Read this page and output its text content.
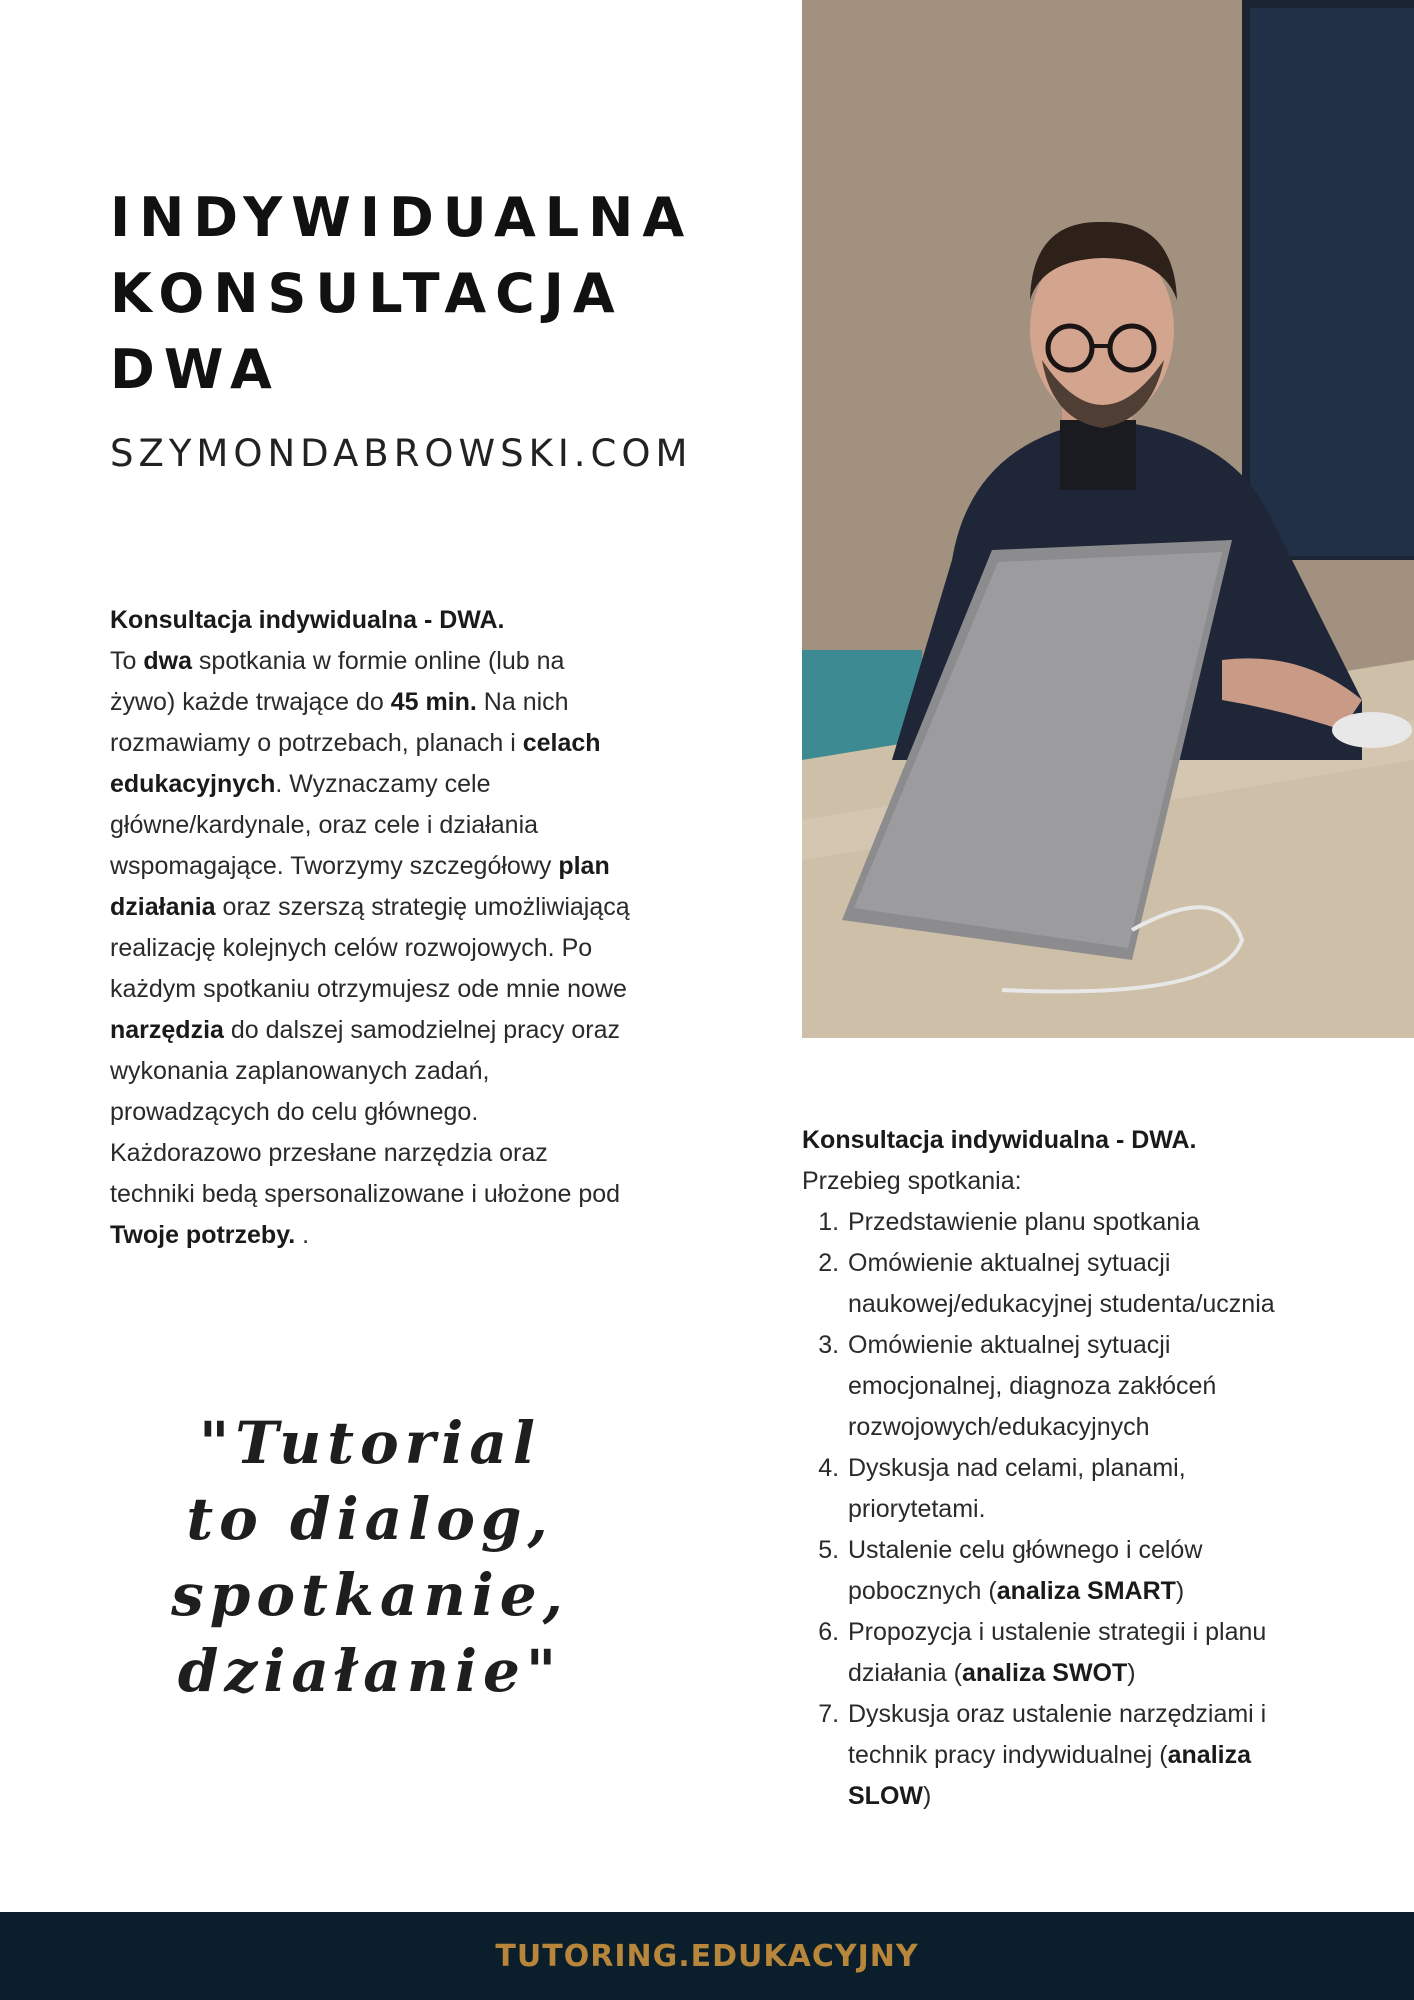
INDYWIDUALNA
KONSULTACJA
DWA
SZYMONDABROWSKI.COM
Konsultacja indywidualna - DWA.
To dwa spotkania w formie online (lub na żywo) każde trwające do 45 min. Na nich rozmawiamy o potrzebach, planach i celach edukacyjnych. Wyznaczamy cele główne/kardynale, oraz cele i działania wspomagające. Tworzymy szczegółowy plan działania oraz szerszą strategię umożliwiającą realizację kolejnych celów rozwojowych. Po każdym spotkaniu otrzymujesz ode mnie nowe narzędzia do dalszej samodzielnej pracy oraz wykonania zaplanowanych zadań, prowadzących do celu głównego. Każdorazowo przesłane narzędzia oraz techniki bedą spersonalizowane i ułożone pod Twoje potrzeby. .
"Tutorial
to dialog,
spotkanie,
działanie"
Konsultacja indywidualna - DWA.
Przebieg spotkania:
1. Przedstawienie planu spotkania
2. Omówienie aktualnej sytuacji naukowej/edukacyjnej studenta/ucznia
3. Omówienie aktualnej sytuacji emocjonalnej, diagnoza zakłóceń rozwojowych/edukacyjnych
4. Dyskusja nad celami, planami, priorytetami.
5. Ustalenie celu głównego i celów pobocznych (analiza SMART)
6. Propozycja i ustalenie strategii i planu działania (analiza SWOT)
7. Dyskusja oraz ustalenie narzędziami i technik pracy indywidualnej (analiza SLOW)
TUTORING.EDUKACYJNY
